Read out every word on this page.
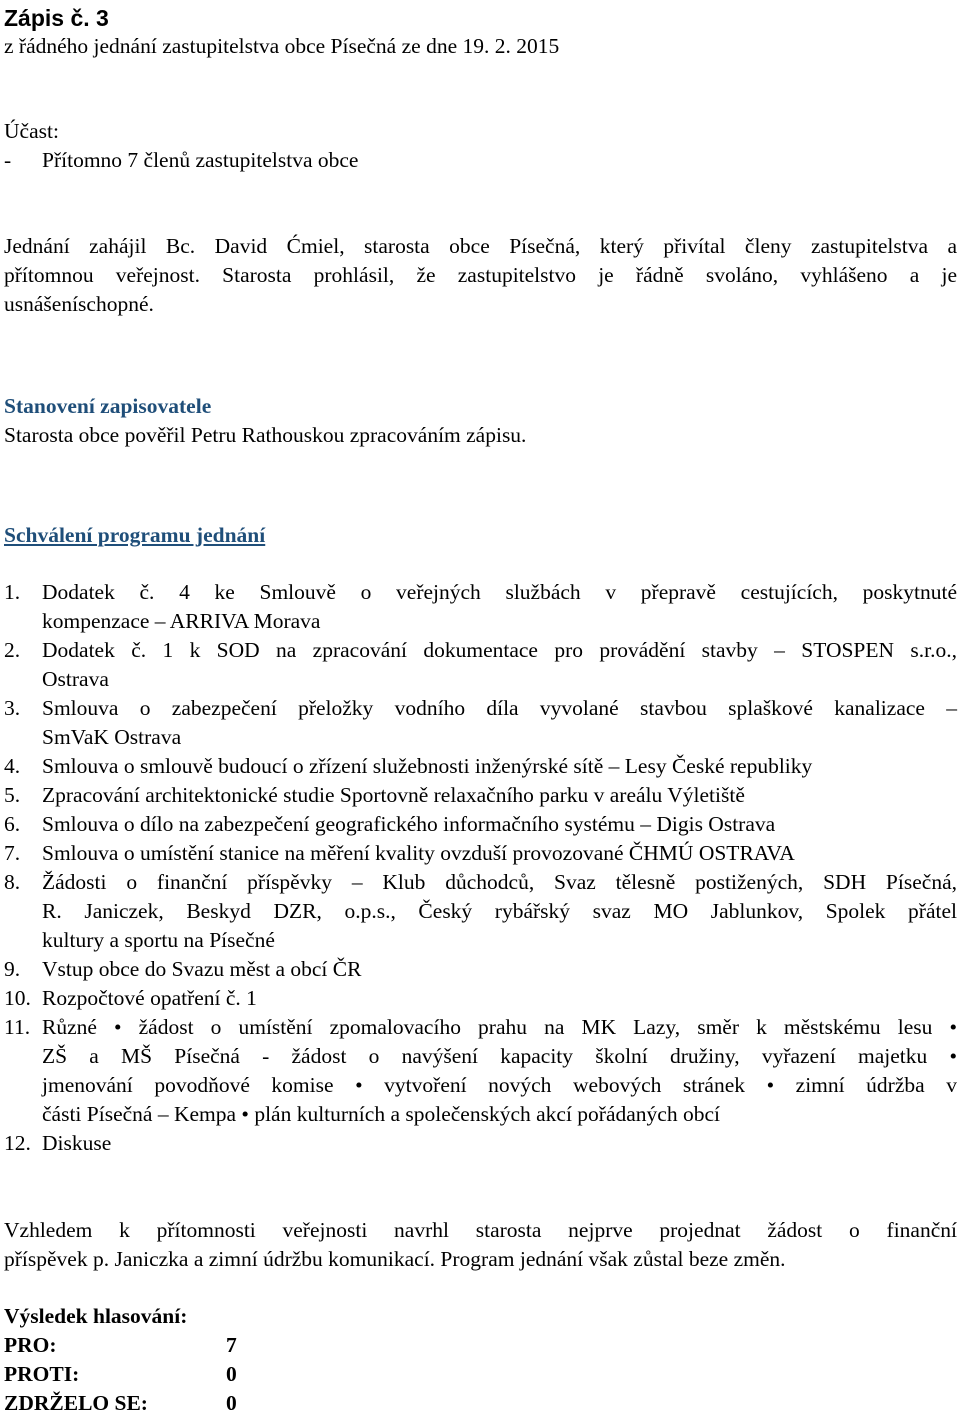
Zápis č. 3
z řádného jednání zastupitelstva obce Písečná ze dne 19. 2. 2015
Účast:
- Přítomno 7 členů zastupitelstva obce
Jednání zahájil Bc. David Ćmiel, starosta obce Písečná, který přivítal členy zastupitelstva a
přítomnou veřejnost. Starosta prohlásil, že zastupitelstvo je řádně svoláno, vyhlášeno a je
usnášeníschopné.
Stanovení zapisovatele
Starosta obce pověřil Petru Rathouskou zpracováním zápisu.
Schválení programu jednání
1. Dodatek č. 4 ke Smlouvě o veřejných službách v přepravě cestujících, poskytnuté
kompenzace – ARRIVA Morava
2. Dodatek č. 1 k SOD na zpracování dokumentace pro provádění stavby – STOSPEN s.r.o.,
Ostrava
3. Smlouva o zabezpečení přeložky vodního díla vyvolané stavbou splaškové kanalizace –
SmVaK Ostrava
4. Smlouva o smlouvě budoucí o zřízení služebnosti inženýrské sítě – Lesy České republiky
5. Zpracování architektonické studie Sportovně relaxačního parku v areálu Výletiště
6. Smlouva o dílo na zabezpečení geografického informačního systému – Digis Ostrava
7. Smlouva o umístění stanice na měření kvality ovzduší provozované ČHMÚ OSTRAVA
8. Žádosti o finanční příspěvky – Klub důchodců, Svaz tělesně postižených, SDH Písečná,
R. Janiczek, Beskyd DZR, o.p.s., Český rybářský svaz MO Jablunkov, Spolek přátel
kultury a sportu na Písečné
9. Vstup obce do Svazu měst a obcí ČR
10. Rozpočtové opatření č. 1
11. Různé • žádost o umístění zpomalovacího prahu na MK Lazy, směr k městskému lesu •
ZŠ a MŠ Písečná - žádost o navýšení kapacity školní družiny, vyřazení majetku •
jmenování povodňové komise • vytvoření nových webových stránek • zimní údržba v
části Písečná – Kempa • plán kulturních a společenských akcí pořádaných obcí
12. Diskuse
Vzhledem k přítomnosti veřejnosti navrhl starosta nejprve projednat žádost o finanční
příspěvek p. Janiczka a zimní údržbu komunikací. Program jednání však zůstal beze změn.
Výsledek hlasování:
PRO:	7
PROTI:	0
ZDRŽELO SE:	0
